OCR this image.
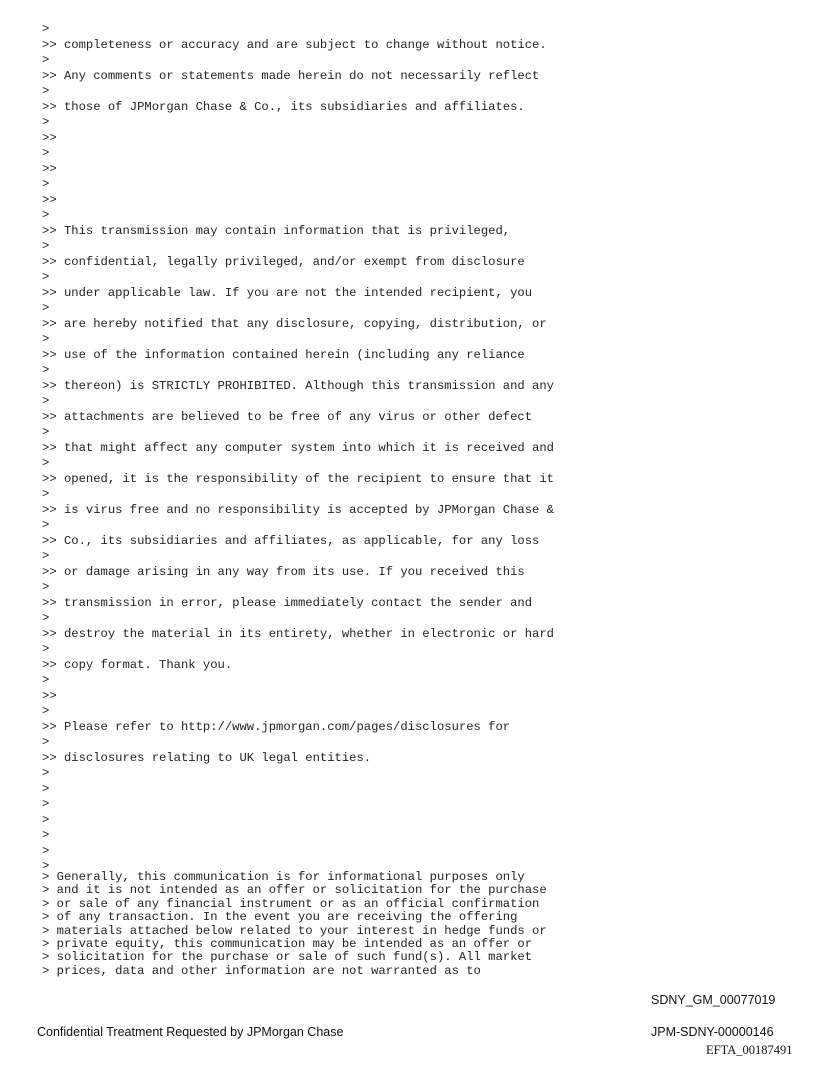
>
>> completeness or accuracy and are subject to change without notice.
>
>> Any comments or statements made herein do not necessarily reflect
>
>> those of JPMorgan Chase & Co., its subsidiaries and affiliates.
>
>>
>
>>
>
>>
>
>> This transmission may contain information that is privileged,
>
>> confidential, legally privileged, and/or exempt from disclosure
>
>> under applicable law. If you are not the intended recipient, you
>
>> are hereby notified that any disclosure, copying, distribution, or
>
>> use of the information contained herein (including any reliance
>
>> thereon) is STRICTLY PROHIBITED. Although this transmission and any
>
>> attachments are believed to be free of any virus or other defect
>
>> that might affect any computer system into which it is received and
>
>> opened, it is the responsibility of the recipient to ensure that it
>
>> is virus free and no responsibility is accepted by JPMorgan Chase &
>
>> Co., its subsidiaries and affiliates, as applicable, for any loss
>
>> or damage arising in any way from its use. If you received this
>
>> transmission in error, please immediately contact the sender and
>
>> destroy the material in its entirety, whether in electronic or hard
>
>> copy format. Thank you.
>
>>
>
>> Please refer to http://www.jpmorgan.com/pages/disclosures for
>
>> disclosures relating to UK legal entities.
>
>
>
>
>
>
>
> Generally, this communication is for informational purposes only
> and it is not intended as an offer or solicitation for the purchase
> or sale of any financial instrument or as an official confirmation
> of any transaction. In the event you are receiving the offering
> materials attached below related to your interest in hedge funds or
> private equity, this communication may be intended as an offer or
> solicitation for the purchase or sale of such fund(s). All market
> prices, data and other information are not warranted as to
SDNY_GM_00077019
Confidential Treatment Requested by JPMorgan Chase	JPM-SDNY-00000146
EFTA_00187491
